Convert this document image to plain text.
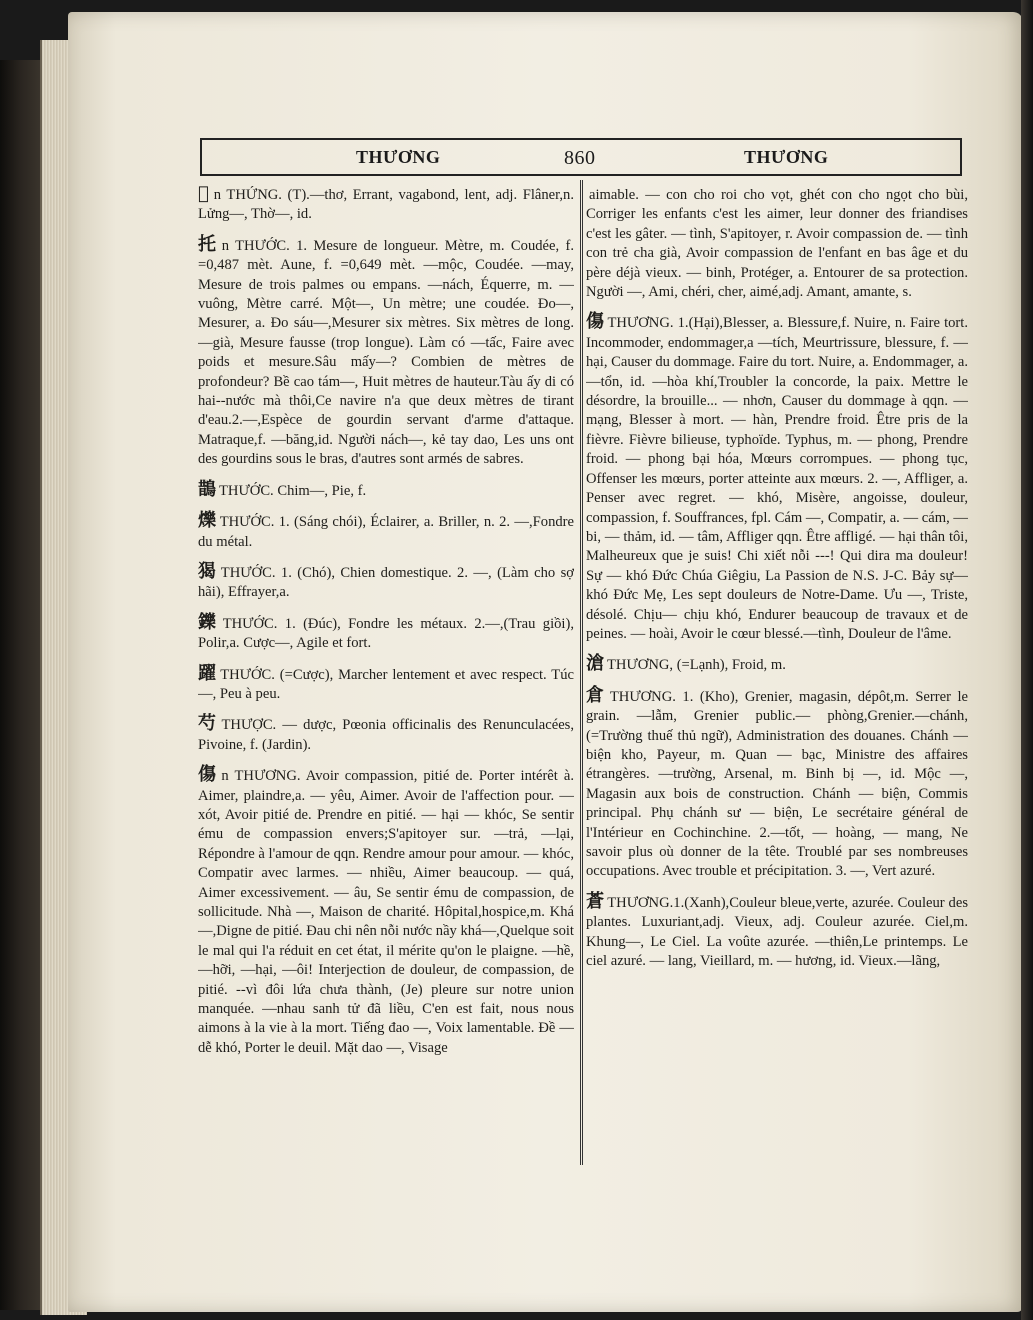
THƯƠNG	860	THƯƠNG

𠺟 n THỨNG. (T).—thơ, Errant, vagabond, lent, adj. Flâner,n. Lửng—, Thờ—, id.

托 n THƯỚC. 1. Mesure de longueur. Mètre, m. Coudée, f. =0,487 mèt. Aune, f. =0,649 mèt. —mộc, Coudée. —may, Mesure de trois palmes ou empans. —nách, Équerre, m. —vuông, Mètre carré. Một—, Un mètre; une coudée. Đo—, Mesurer, a. Đo sáu—,Mesurer six mètres. Six mètres de long. —già, Mesure fausse (trop longue). Làm có —tấc, Faire avec poids et mesure.Sâu mấy—? Combien de mètres de profondeur? Bề cao tám—, Huit mètres de hauteur.Tàu ấy di có hai--nước mà thôi,Ce navire n'a que deux mètres de tirant d'eau.2.—,Espèce de gourdin servant d'arme d'attaque. Matraque,f. —băng,id. Người nách—, kẻ tay dao, Les uns ont des gourdins sous le bras, d'autres sont armés de sabres.

鵲 THƯỚC. Chim—, Pie, f.

爍 THƯỚC. 1. (Sáng chói), Éclairer, a. Briller, n. 2. —,Fondre du métal.

猲 THƯỚC. 1. (Chó), Chien domestique. 2. —, (Làm cho sợ hãi), Effrayer,a.

鑠 THƯỚC. 1. (Đúc), Fondre les métaux. 2.—,(Trau giồi), Polir,a. Cược—, Agile et fort.

躍 THƯỚC. (=Cược), Marcher lentement et avec respect. Túc—, Peu à peu.

芍 THƯỢC. — dược, Pœonia officinalis des Renunculacées, Pivoine, f. (Jardin).

傷 n THƯƠNG. Avoir compassion, pitié de. Porter intérêt à. Aimer, plaindre,a. — yêu, Aimer. Avoir de l'affection pour. — xót, Avoir pitié de. Prendre en pitié. — hại — khóc, Se sentir ému de compassion envers;S'apitoyer sur. —trả, —lại, Répondre à l'amour de qqn. Rendre amour pour amour. — khóc, Compatir avec larmes. — nhiều, Aimer beaucoup. — quá, Aimer excessivement. — âu, Se sentir ému de compassion, de sollicitude. Nhà —, Maison de charité. Hôpital,hospice,m. Khá—,Digne de pitié. Đau chi nên nỗi nước nầy khá—,Quelque soit le mal qui l'a réduit en cet état, il mérite qu'on le plaigne. —hề, —hỡi, —hại, —ôi! Interjection de douleur, de compassion, de pitié. --vì đôi lứa chưa thành, (Je) pleure sur notre union manquée. —nhau sanh tử đã liều, C'en est fait, nous nous aimons à la vie à la mort. Tiếng đao —, Voix lamentable. Đề — dễ khó, Porter le deuil. Mặt dao —, Visage

aimable. — con cho roi cho vọt, ghét con cho ngọt cho bùi, Corriger les enfants c'est les aimer, leur donner des friandises c'est les gâter. — tình, S'apitoyer, r. Avoir compassion de. — tình con trẻ cha già, Avoir compassion de l'enfant en bas âge et du père déjà vieux. — binh, Protéger, a. Entourer de sa protection. Người —, Ami, chéri, cher, aimé,adj. Amant, amante, s.

傷 THƯƠNG. 1.(Hại),Blesser, a. Blessure,f. Nuire, n. Faire tort. Incommoder, endommager,a —tích, Meurtrissure, blessure, f. —hại, Causer du dommage. Faire du tort. Nuire, a. Endommager, a. —tổn, id. —hòa khí,Troubler la concorde, la paix. Mettre le désordre, la brouille... — nhơn, Causer du dommage à qqn. — mạng, Blesser à mort. — hàn, Prendre froid. Être pris de la fièvre. Fièvre bilieuse, typhoïde. Typhus, m. — phong, Prendre froid. — phong bại hóa, Mœurs corrompues. — phong tục, Offenser les mœurs, porter atteinte aux mœurs. 2. —, Affliger, a. Penser avec regret. — khó, Misère, angoisse, douleur, compassion, f. Souffrances, fpl. Cám —, Compatir, a. — cám, — bi, — thảm, id. — tâm, Affliger qqn. Être affligé. — hại thân tôi, Malheureux que je suis! Chi xiết nỗi ---! Qui dira ma douleur! Sự — khó Đức Chúa Giêgiu, La Passion de N.S. J-C. Bảy sự— khó Đức Mẹ, Les sept douleurs de Notre-Dame. Ưu —, Triste, désolé. Chịu— chịu khó, Endurer beaucoup de travaux et de peines. — hoài, Avoir le cœur blessé.—tình, Douleur de l'âme.

滄 THƯƠNG, (=Lạnh), Froid, m.

倉 THƯƠNG. 1. (Kho), Grenier, magasin, dépôt,m. Serrer le grain. —lẫm, Grenier public.— phòng,Grenier.—chánh,(=Trường thuế thủ ngữ), Administration des douanes. Chánh — biện kho, Payeur, m. Quan — bạc, Ministre des affaires étrangères. —trường, Arsenal, m. Binh bị —, id. Mộc —, Magasin aux bois de construction. Chánh — biện, Commis principal. Phụ chánh sư — biện, Le secrétaire général de l'Intérieur en Cochinchine. 2.—tốt, — hoàng, — mang, Ne savoir plus où donner de la tête. Troublé par ses nombreuses occupations. Avec trouble et précipitation. 3. —, Vert azuré.

蒼 THƯƠNG.1.(Xanh),Couleur bleue,verte, azurée. Couleur des plantes. Luxuriant,adj. Vieux, adj. Couleur azurée. Ciel,m. Khung—, Le Ciel. La voûte azurée. —thiên,Le printemps. Le ciel azuré. — lang, Vieillard, m. — hương, id. Vieux.—lãng,
